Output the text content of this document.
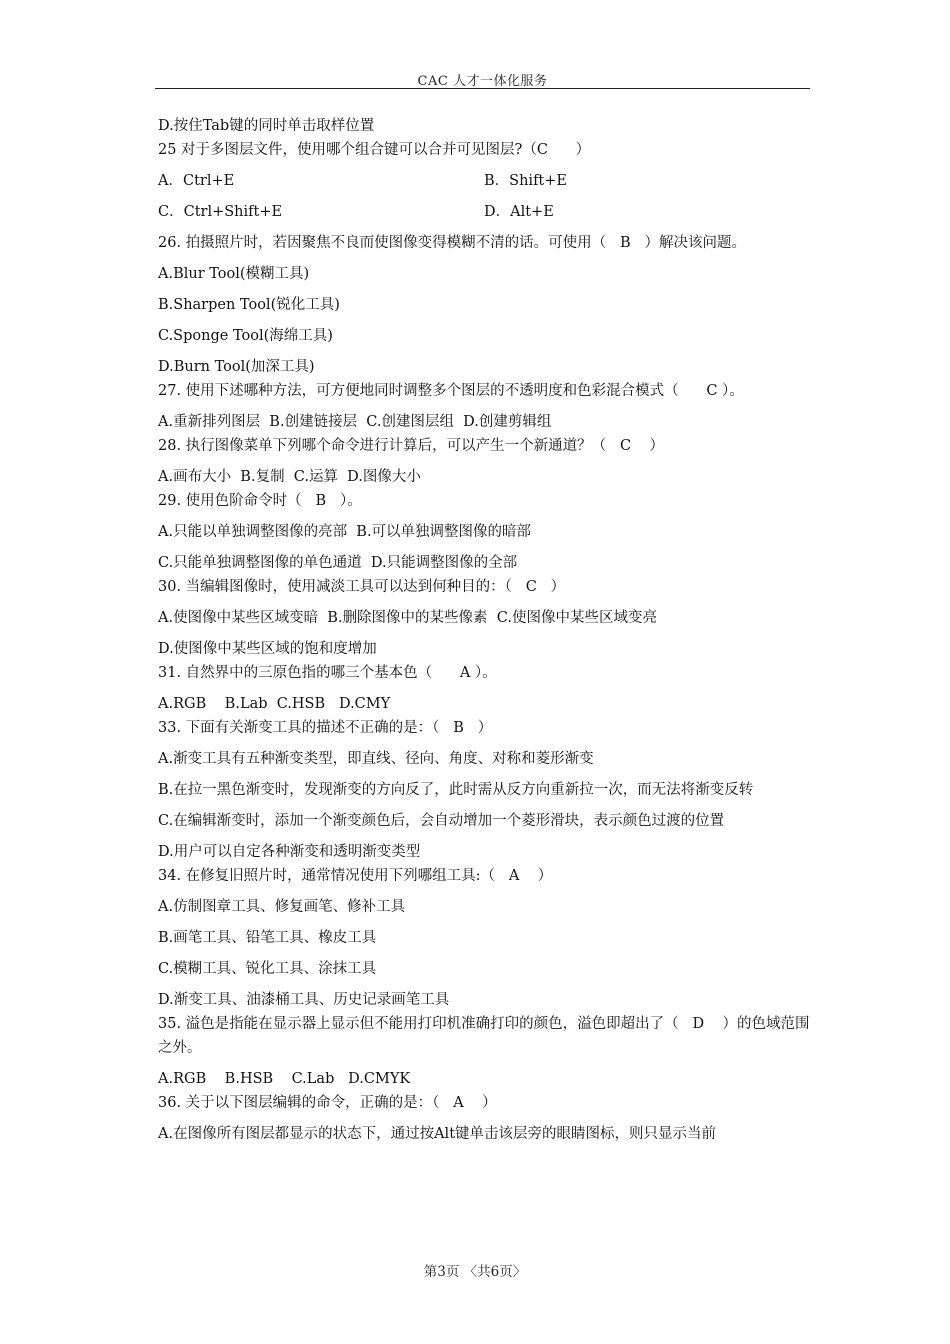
CAC 人才一体化服务
D.按住Tab键的同时单击取样位置
25 对于多图层文件，使用哪个组合键可以合并可见图层?（C      ）
A．Ctrl+E	B．Shift+E
C．Ctrl+Shift+E	D．Alt+E
26. 拍摄照片时，若因聚焦不良而使图像变得模糊不清的话。可使用（   B   ）解决该问题。
A.Blur Tool(模糊工具)
B.Sharpen Tool(锐化工具)
C.Sponge Tool(海绵工具)
D.Burn Tool(加深工具)
27. 使用下述哪种方法，可方便地同时调整多个图层的不透明度和色彩混合模式（      C ）。
A.重新排列图层  B.创建链接层  C.创建图层组  D.创建剪辑组
28. 执行图像菜单下列哪个命令进行计算后，可以产生一个新通道？（   C    ）
A.画布大小  B.复制  C.运算  D.图像大小
29. 使用色阶命令时（   B   ）。
A.只能以单独调整图像的亮部  B.可以单独调整图像的暗部
C.只能单独调整图像的单色通道  D.只能调整图像的全部
30. 当编辑图像时，使用减淡工具可以达到何种目的：（   C   ）
A.使图像中某些区域变暗  B.删除图像中的某些像素  C.使图像中某些区域变亮
D.使图像中某些区域的饱和度增加
31. 自然界中的三原色指的哪三个基本色（      A ）。
A.RGB    B.Lab  C.HSB   D.CMY
33. 下面有关渐变工具的描述不正确的是：（   B   ）
A.渐变工具有五种渐变类型，即直线、径向、角度、对称和菱形渐变
B.在拉一黑色渐变时，发现渐变的方向反了，此时需从反方向重新拉一次，而无法将渐变反转
C.在编辑渐变时，添加一个渐变颜色后，会自动增加一个菱形滑块，表示颜色过渡的位置
D.用户可以自定各种渐变和透明渐变类型
34. 在修复旧照片时，通常情况使用下列哪组工具:（   A    ）
A.仿制图章工具、修复画笔、修补工具
B.画笔工具、铅笔工具、橡皮工具
C.模糊工具、锐化工具、涂抹工具
D.渐变工具、油漆桶工具、历史记录画笔工具
35. 溢色是指能在显示器上显示但不能用打印机准确打印的颜色，溢色即超出了（   D    ）的色域范围之外。
A.RGB    B.HSB    C.Lab   D.CMYK
36. 关于以下图层编辑的命令，正确的是：（   A    ）
A.在图像所有图层都显示的状态下，通过按Alt键单击该层旁的眼睛图标，则只显示当前
第3页 〈共6页〉
